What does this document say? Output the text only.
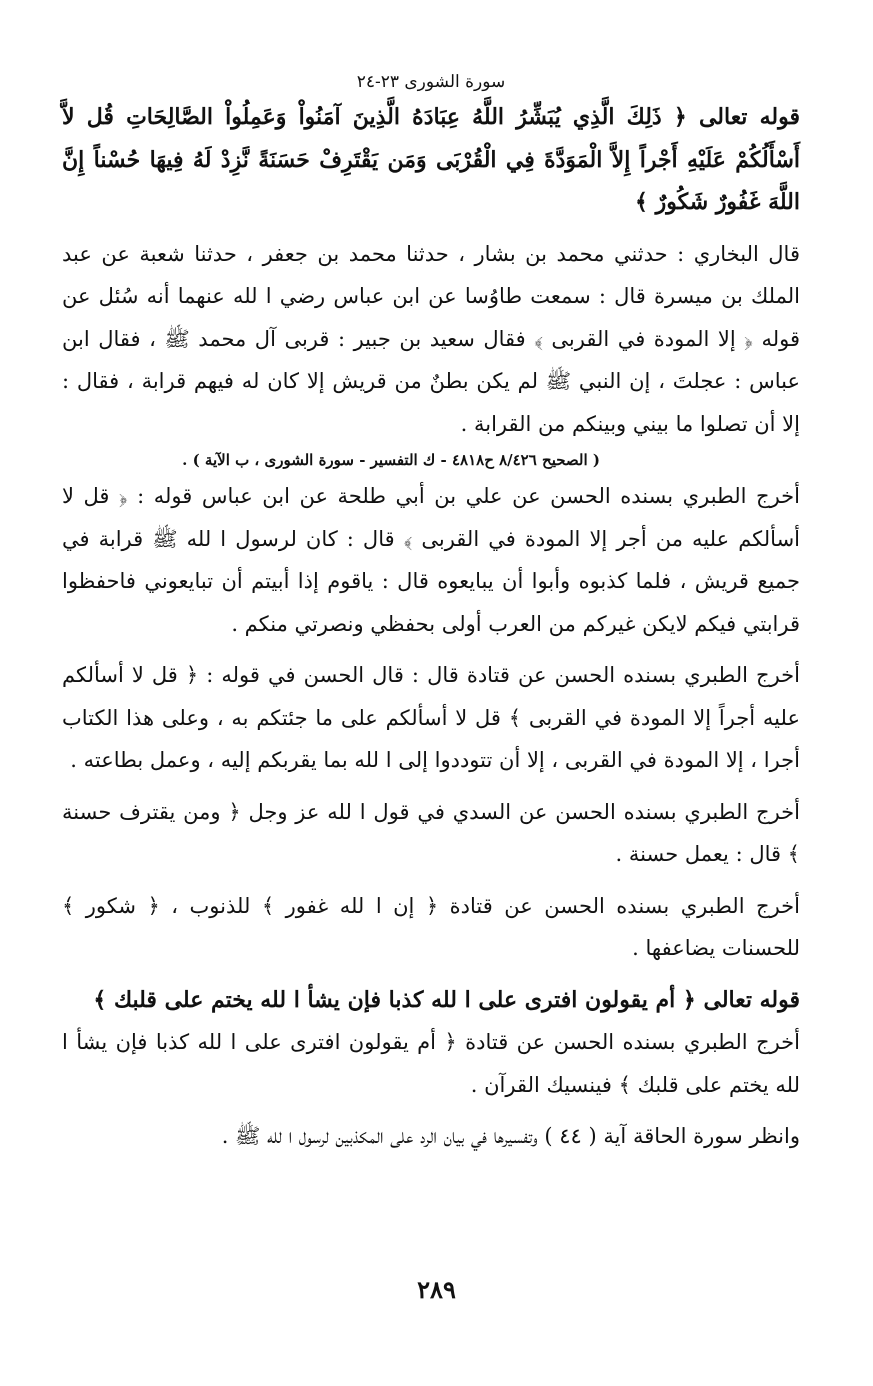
سورة الشورى ٢٣-٢٤

قوله تعالى ﴿ ذَلِكَ الَّذِي يُبَشِّرُ اللَّهُ عِبَادَهُ الَّذِينَ آمَنُواْ وَعَمِلُواْ الصَّالِحَاتِ قُل لاَّ أَسْأَلُكُمْ عَلَيْهِ أَجْراً إِلاَّ الْمَوَدَّةَ فِي الْقُرْبَى وَمَن يَقْتَرِفْ حَسَنَةً نَّزِدْ لَهُ فِيهَا حُسْناً إِنَّ اللَّهَ غَفُورٌ شَكُورٌ ﴾

قال البخاري : حدثني محمد بن بشار ، حدثنا محمد بن جعفر ، حدثنا شعبة عن عبد الملك بن ميسرة قال : سمعت طاوُسا عن ابن عباس رضي ا لله عنهما أنه سُئل عن قوله ﴿ إلا المودة في القربى ﴾ فقال سعيد بن جبير : قربى آل محمد ﷺ ، فقال ابن عباس : عجلتَ ، إن النبي ﷺ لم يكن بطنٌ من قريش إلا كان له فيهم قرابة ، فقال : إلا أن تصلوا ما بيني وبينكم من القرابة .

( الصحيح ٨/٤٢٦ ح٤٨١٨ - ك التفسير - سورة الشورى ، ب الآية ) .

أخرج الطبري بسنده الحسن عن علي بن أبي طلحة عن ابن عباس قوله : ﴿ قل لا أسألكم عليه من أجر إلا المودة في القربى ﴾ قال : كان لرسول ا لله ﷺ قرابة في جميع قريش ، فلما كذبوه وأبوا أن يبايعوه قال : ياقوم إذا أبيتم أن تبايعوني فاحفظوا قرابتي فيكم لايكن غيركم من العرب أولى بحفظي ونصرتي منكم .

أخرج الطبري بسنده الحسن عن قتادة قال : قال الحسن في قوله : ﴿ قل لا أسألكم عليه أجراً إلا المودة في القربى ﴾ قل لا أسألكم على ما جئتكم به ، وعلى هذا الكتاب أجرا ، إلا المودة في القربى ، إلا أن تتوددوا إلى ا لله بما يقربكم إليه ، وعمل بطاعته .

أخرج الطبري بسنده الحسن عن السدي في قول ا لله عز وجل ﴿ ومن يقترف حسنة ﴾ قال : يعمل حسنة .

أخرج الطبري بسنده الحسن عن قتادة ﴿ إن ا لله غفور ﴾ للذنوب ، ﴿ شكور ﴾ للحسنات يضاعفها .

قوله تعالى ﴿ أم يقولون افترى على ا لله كذبا فإن يشأ ا لله يختم على قلبك ﴾

أخرج الطبري بسنده الحسن عن قتادة ﴿ أم يقولون افترى على ا لله كذبا فإن يشأ ا لله يختم على قلبك ﴾ فينسيك القرآن .

وانظر سورة الحاقة آية ( ٤٤ ) وتفسيرها في بيان الرد على المكذبين لرسول ا لله ﷺ .

٢٨٩
